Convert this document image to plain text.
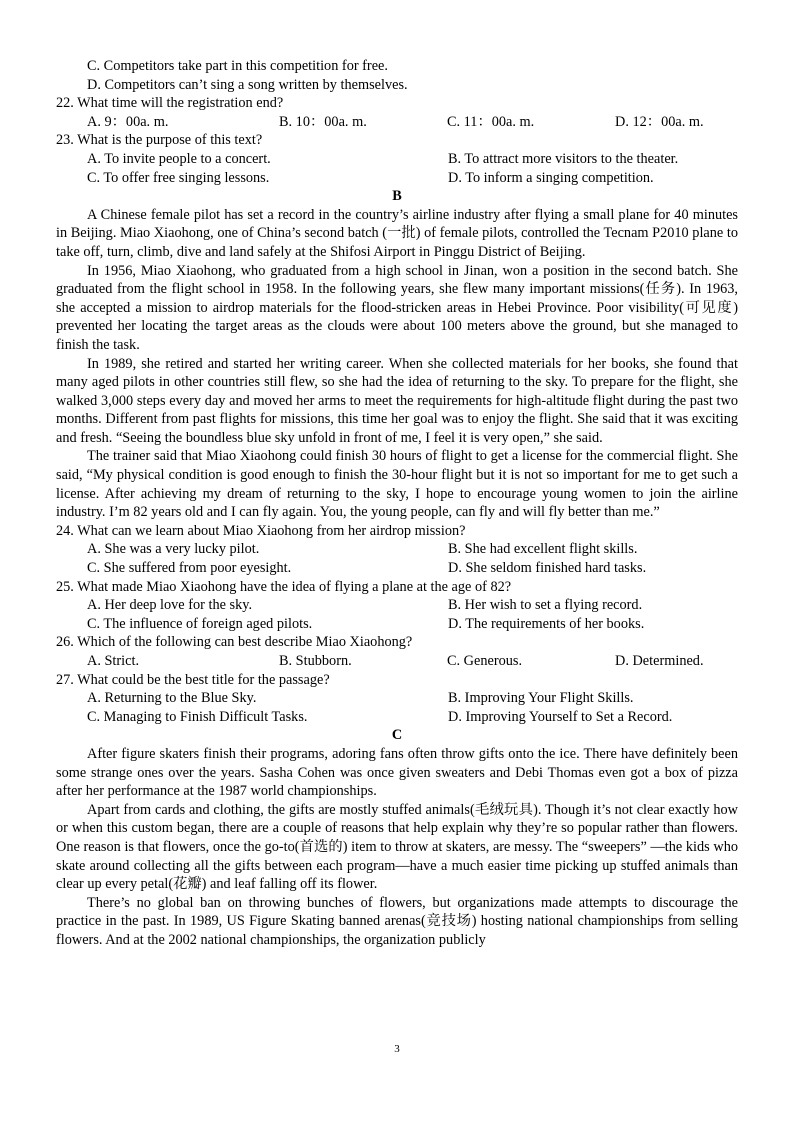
C. Competitors take part in this competition for free.
D. Competitors can’t sing a song written by themselves.
22. What time will the registration end?
A. 9：00a. m.	B. 10：00a. m.	C. 11：00a. m.	D. 12：00a. m.
23. What is the purpose of this text?
A. To invite people to a concert.	B. To attract more visitors to the theater.
C. To offer free singing lessons.	D. To inform a singing competition.
B

A Chinese female pilot has set a record in the country’s airline industry after flying a small plane for 40 minutes in Beijing. Miao Xiaohong, one of China’s second batch (一批) of female pilots, controlled the Tecnam P2010 plane to take off, turn, climb, dive and land safely at the Shifosi Airport in Pinggu District of Beijing.

In 1956, Miao Xiaohong, who graduated from a high school in Jinan, won a position in the second batch. She graduated from the flight school in 1958. In the following years, she flew many important missions(任务). In 1963, she accepted a mission to airdrop materials for the flood-stricken areas in Hebei Province. Poor visibility(可见度) prevented her locating the target areas as the clouds were about 100 meters above the ground, but she managed to finish the task.

In 1989, she retired and started her writing career. When she collected materials for her books, she found that many aged pilots in other countries still flew, so she had the idea of returning to the sky. To prepare for the flight, she walked 3,000 steps every day and moved her arms to meet the requirements for high-altitude flight during the past two months. Different from past flights for missions, this time her goal was to enjoy the flight. She said that it was exciting and fresh. “Seeing the boundless blue sky unfold in front of me, I feel it is very open,” she said.

The trainer said that Miao Xiaohong could finish 30 hours of flight to get a license for the commercial flight. She said, “My physical condition is good enough to finish the 30-hour flight but it is not so important for me to get such a license. After achieving my dream of returning to the sky, I hope to encourage young women to join the airline industry. I’m 82 years old and I can fly again. You, the young people, can fly and will fly better than me.”

24. What can we learn about Miao Xiaohong from her airdrop mission?
A. She was a very lucky pilot.	B. She had excellent flight skills.
C. She suffered from poor eyesight.	D. She seldom finished hard tasks.
25. What made Miao Xiaohong have the idea of flying a plane at the age of 82?
A. Her deep love for the sky.	B. Her wish to set a flying record.
C. The influence of foreign aged pilots.	D. The requirements of her books.
26. Which of the following can best describe Miao Xiaohong?
A. Strict.	B. Stubborn.	C. Generous.	D. Determined.
27. What could be the best title for the passage?
A. Returning to the Blue Sky.	B. Improving Your Flight Skills.
C. Managing to Finish Difficult Tasks.	D. Improving Yourself to Set a Record.
C

After figure skaters finish their programs, adoring fans often throw gifts onto the ice. There have definitely been some strange ones over the years. Sasha Cohen was once given sweaters and Debi Thomas even got a box of pizza after her performance at the 1987 world championships.

Apart from cards and clothing, the gifts are mostly stuffed animals(毛绒玩具). Though it’s not clear exactly how or when this custom began, there are a couple of reasons that help explain why they’re so popular rather than flowers. One reason is that flowers, once the go-to(首选的) item to throw at skaters, are messy. The “sweepers” —the kids who skate around collecting all the gifts between each program—have a much easier time picking up stuffed animals than clear up every petal(花瓣) and leaf falling off its flower.

There’s no global ban on throwing bunches of flowers, but organizations made attempts to discourage the practice in the past. In 1989, US Figure Skating banned arenas(竞技场) hosting national championships from selling flowers. And at the 2002 national championships, the organization publicly

3
